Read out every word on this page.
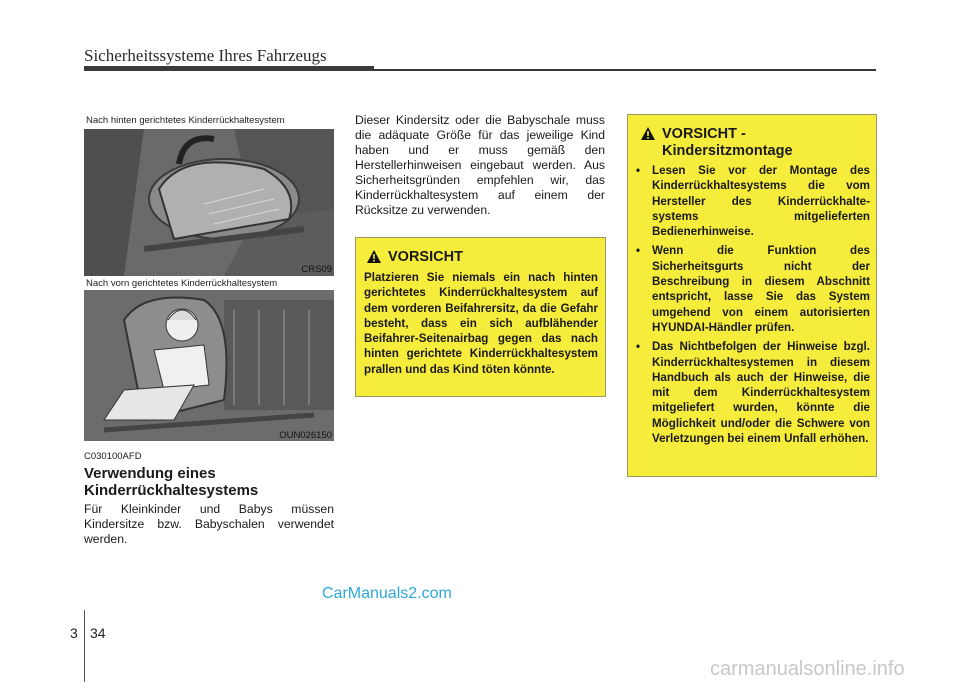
Sicherheitssysteme Ihres Fahrzeugs
Nach hinten gerichtetes Kinderrückhaltesystem
CRS09
Nach vorn gerichtetes Kinderrückhaltesystem
OUN026150
C030100AFD
Verwendung eines
Kinderrückhaltesystems
Für Kleinkinder und Babys müssen Kindersitze bzw. Babyschalen verwendet werden.
Dieser Kindersitz oder die Babyschale muss die adäquate Größe für das jeweilige Kind haben und er muss gemäß den Herstellerhinweisen eingebaut werden. Aus Sicherheitsgründen empfehlen wir, das Kinderrückhaltesystem auf einem der Rücksitze zu verwenden.
VORSICHT
Platzieren Sie niemals ein nach hinten gerichtetes Kinderrückhaltesystem auf dem vorderen Beifahrersitz, da die Gefahr besteht, dass ein sich aufblähender Beifahrer-Seitenairbag gegen das nach hinten gerichtete Kinderrückhaltesystem prallen und das Kind töten könnte.
VORSICHT -
Kindersitzmontage
• Lesen Sie vor der Montage des Kinderrückhaltesystems die vom Hersteller des Kinderrückhalte-systems mitgelieferten Bedienerhinweise.
• Wenn die Funktion des Sicherheitsgurts nicht der Beschreibung in diesem Abschnitt entspricht, lasse Sie das System umgehend von einem autorisierten HYUNDAI-Händler prüfen.
• Das Nichtbefolgen der Hinweise bzgl. Kinderrückhaltesystemen in diesem Handbuch als auch der Hinweise, die mit dem Kinderrückhaltesystem mitgeliefert wurden, könnte die Möglichkeit und/oder die Schwere von Verletzungen bei einem Unfall erhöhen.
CarManuals2.com
3 34
carmanualsonline.info
